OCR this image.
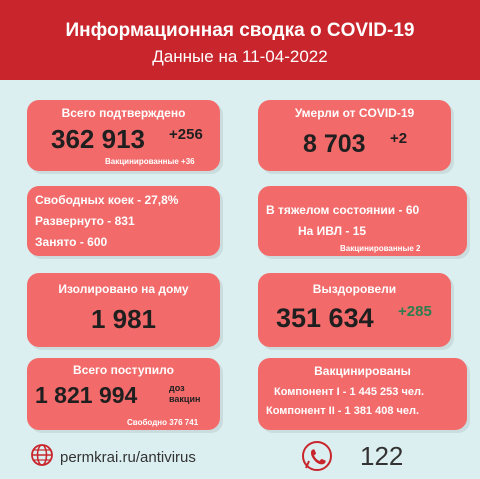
Информационная сводка о COVID-19
Данные на 11-04-2022
Всего подтверждено
362 913 +256
Вакцинированные +36
Умерли от COVID-19
8 703 +2
Свободных коек - 27,8%
Развернуто - 831
Занято - 600
В тяжелом состоянии - 60
На ИВЛ - 15
Вакцинированные 2
Изолировано на дому
1 981
Выздоровели
351 634 +285
Всего поступило
1 821 994	доз вакцин
Свободно 376 741
Вакцинированы
Компонент I - 1 445 253 чел.
Компонент II - 1 381 408 чел.
permkrai.ru/antivirus	122
